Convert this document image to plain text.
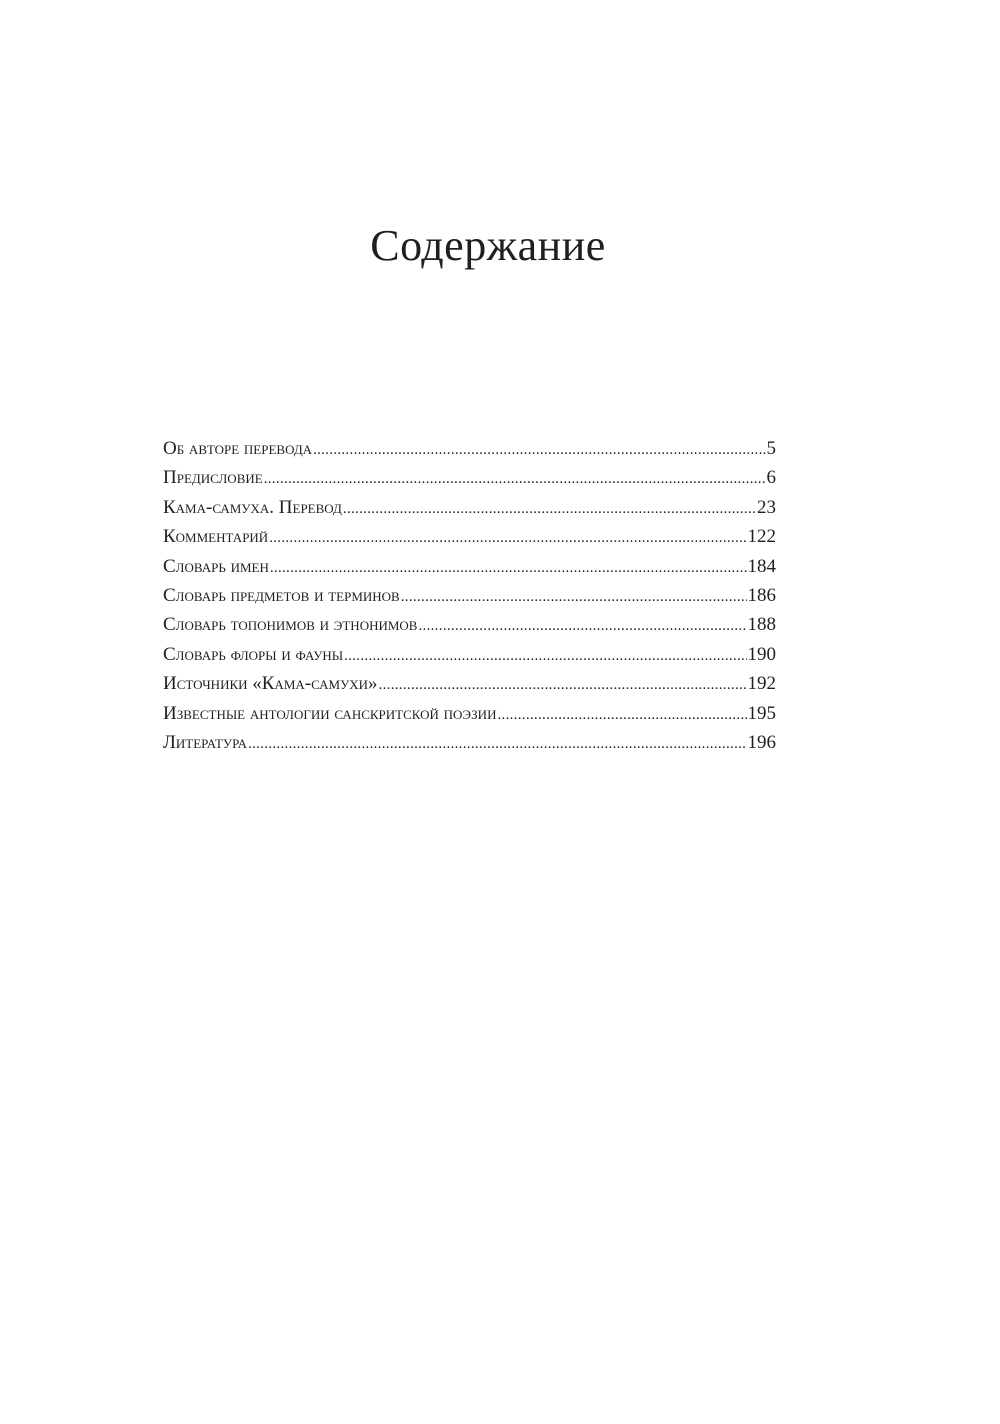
Содержание
Об авторе перевода .....	5
Предисловие .....	6
Кама-самуха. Перевод .....	23
Комментарий .....	122
Словарь имен .....	184
Словарь предметов и терминов .....	186
Словарь топонимов и этнонимов .....	188
Словарь флоры и фауны .....	190
Источники «Кама-самухи» .....	192
Известные антологии санскритской поэзии .....	195
Литература .....	196
